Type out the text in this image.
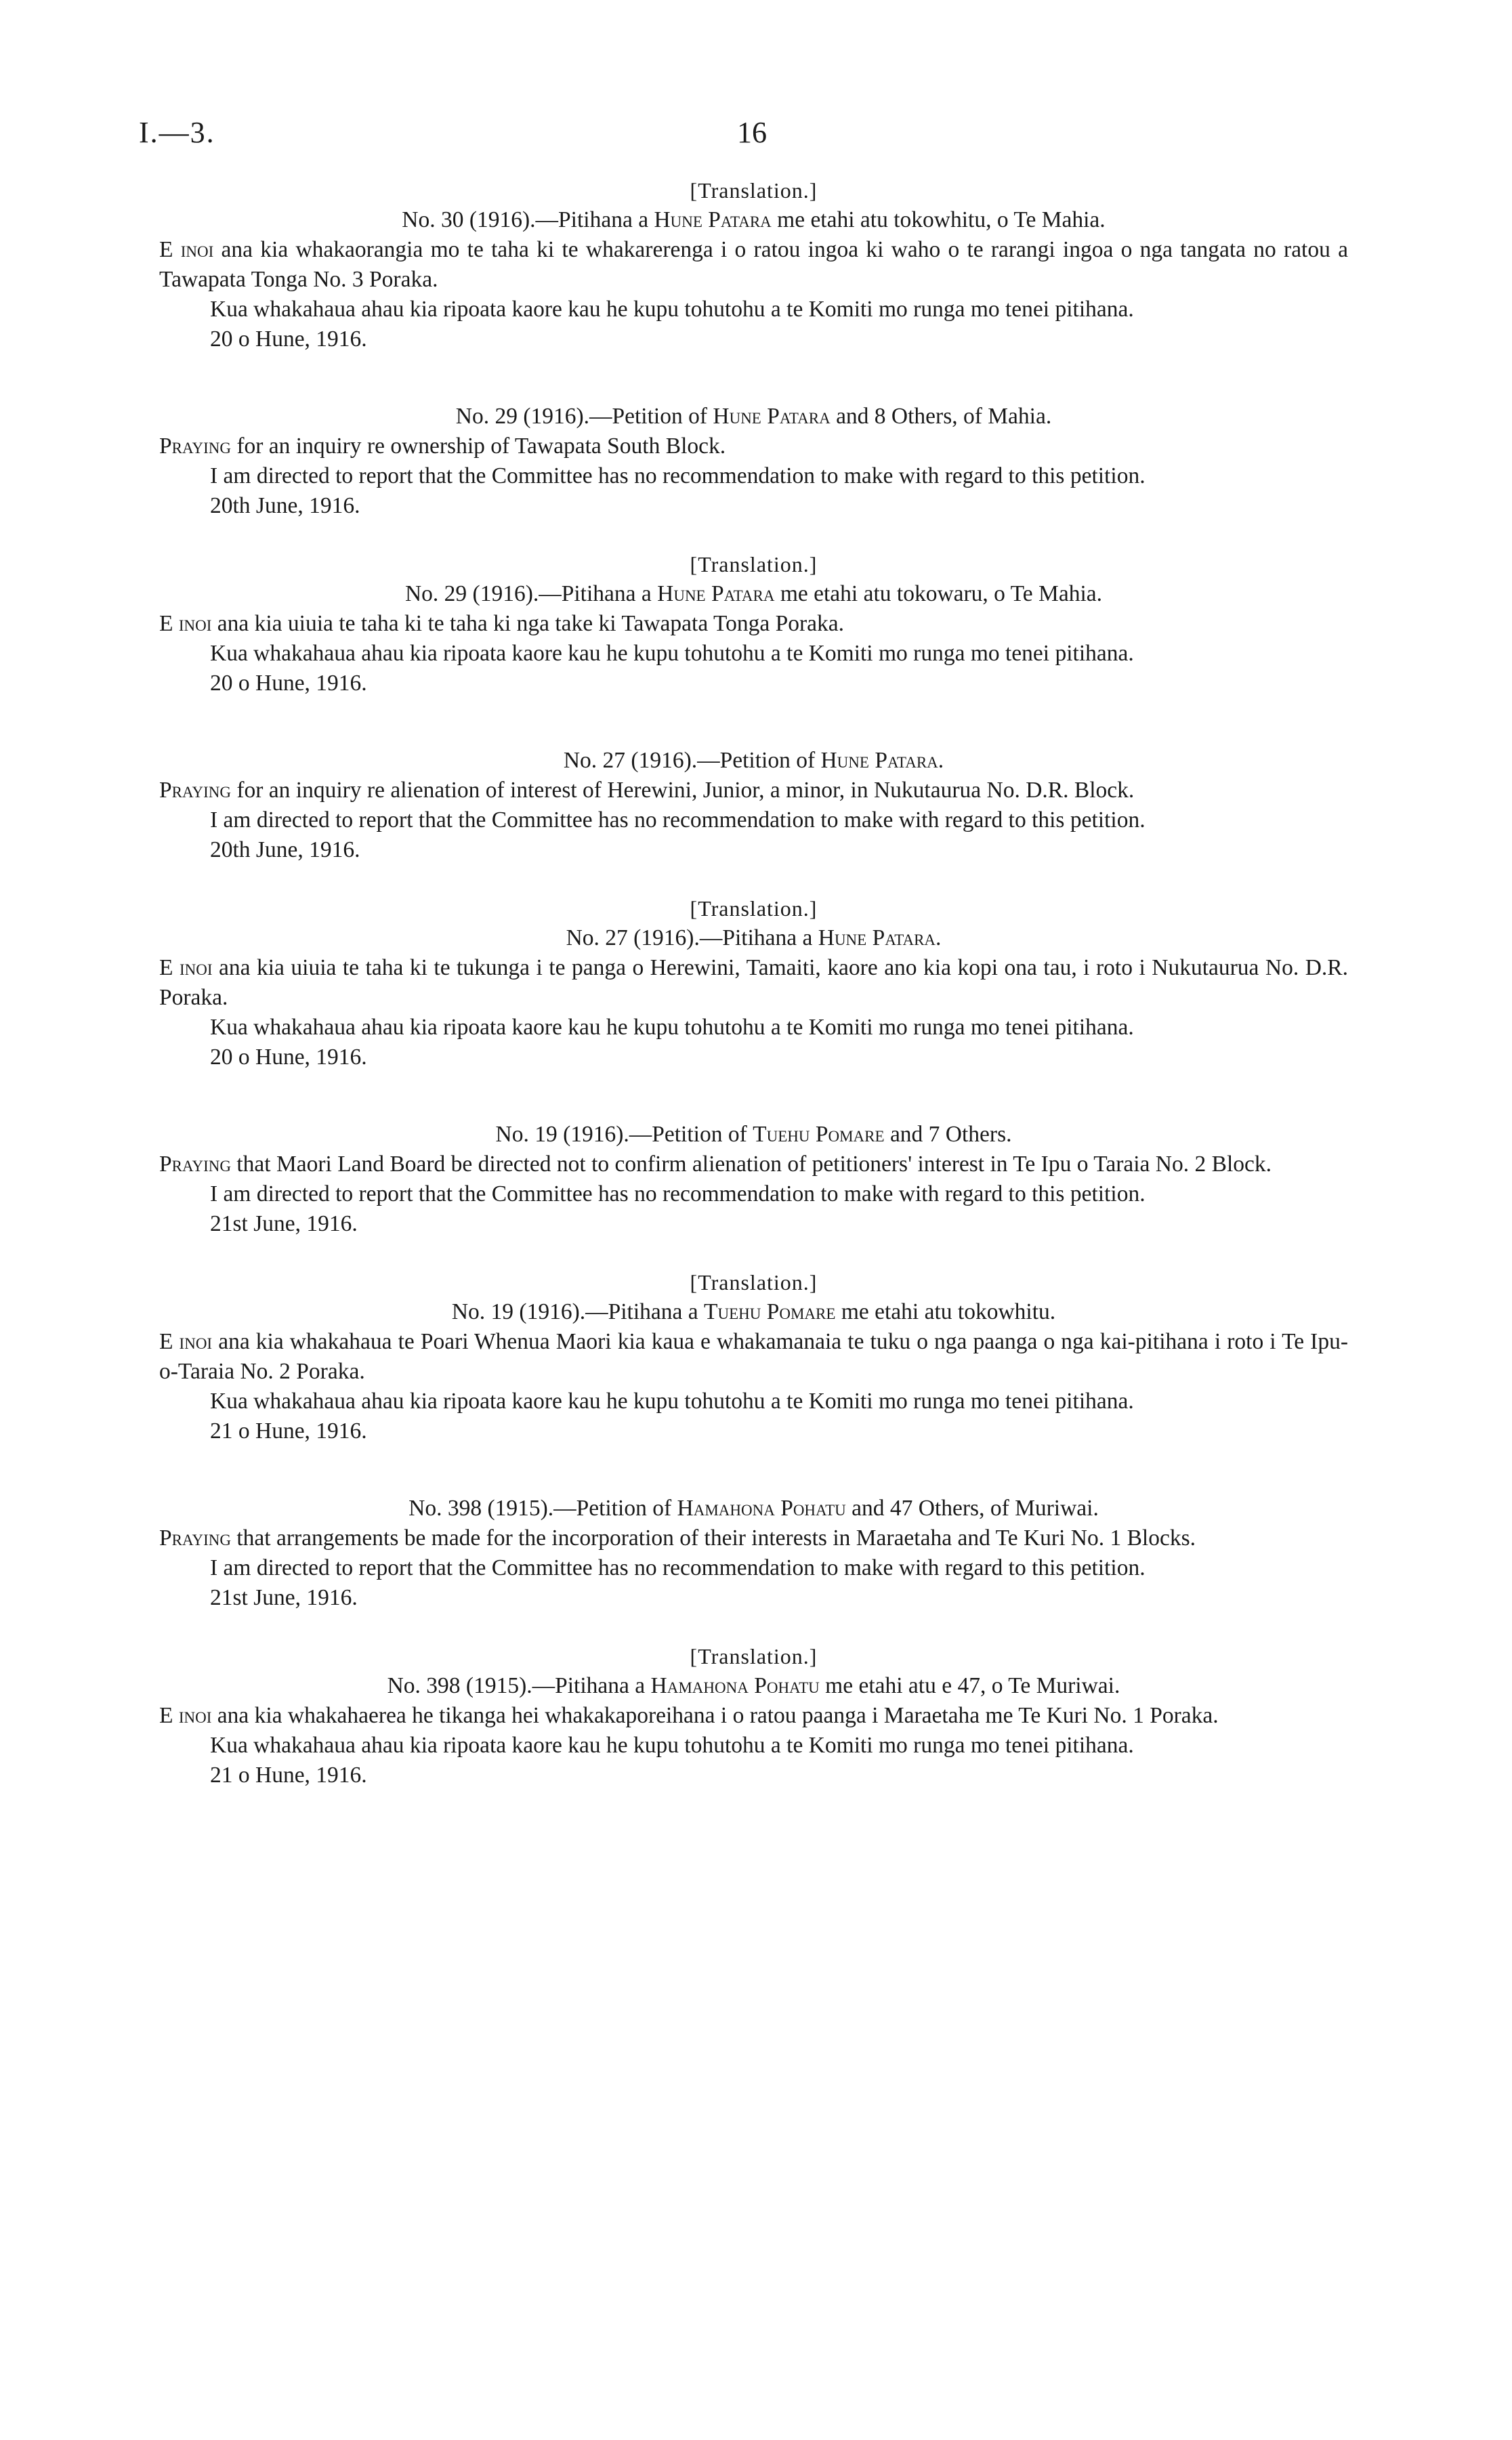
I.—3.	16

[Translation.]

No. 30 (1916).—Pitihana a Hune Patara me etahi atu tokowhitu, o Te Mahia.

E inoi ana kia whakaorangia mo te taha ki te whakarerenga i o ratou ingoa ki waho o te rarangi ingoa o nga tangata no ratou a Tawapata Tonga No. 3 Poraka.

Kua whakahaua ahau kia ripoata kaore kau he kupu tohutohu a te Komiti mo runga mo tenei pitihana.

20 o Hune, 1916.

No. 29 (1916).—Petition of Hune Patara and 8 Others, of Mahia.

Praying for an inquiry re ownership of Tawapata South Block.

I am directed to report that the Committee has no recommendation to make with regard to this petition.

20th June, 1916.

[Translation.]

No. 29 (1916).—Pitihana a Hune Patara me etahi atu tokowaru, o Te Mahia.

E inoi ana kia uiuia te taha ki te taha ki nga take ki Tawapata Tonga Poraka.

Kua whakahaua ahau kia ripoata kaore kau he kupu tohutohu a te Komiti mo runga mo tenei pitihana.

20 o Hune, 1916.

No. 27 (1916).—Petition of Hune Patara.

Praying for an inquiry re alienation of interest of Herewini, Junior, a minor, in Nukutaurua No. D.R. Block.

I am directed to report that the Committee has no recommendation to make with regard to this petition.

20th June, 1916.

[Translation.]

No. 27 (1916).—Pitihana a Hune Patara.

E inoi ana kia uiuia te taha ki te tukunga i te panga o Herewini, Tamaiti, kaore ano kia kopi ona tau, i roto i Nukutaurua No. D.R. Poraka.

Kua whakahaua ahau kia ripoata kaore kau he kupu tohutohu a te Komiti mo runga mo tenei pitihana.

20 o Hune, 1916.

No. 19 (1916).—Petition of Tuehu Pomare and 7 Others.

Praying that Maori Land Board be directed not to confirm alienation of petitioners' interest in Te Ipu o Taraia No. 2 Block.

I am directed to report that the Committee has no recommendation to make with regard to this petition.

21st June, 1916.

[Translation.]

No. 19 (1916).—Pitihana a Tuehu Pomare me etahi atu tokowhitu.

E inoi ana kia whakahaua te Poari Whenua Maori kia kaua e whakamanaia te tuku o nga paanga o nga kai-pitihana i roto i Te Ipu-o-Taraia No. 2 Poraka.

Kua whakahaua ahau kia ripoata kaore kau he kupu tohutohu a te Komiti mo runga mo tenei pitihana.

21 o Hune, 1916.

No. 398 (1915).—Petition of Hamahona Pohatu and 47 Others, of Muriwai.

Praying that arrangements be made for the incorporation of their interests in Maraetaha and Te Kuri No. 1 Blocks.

I am directed to report that the Committee has no recommendation to make with regard to this petition.

21st June, 1916.

[Translation.]

No. 398 (1915).—Pitihana a Hamahona Pohatu me etahi atu e 47, o Te Muriwai.

E inoi ana kia whakahaerea he tikanga hei whakakaporeihana i o ratou paanga i Maraetaha me Te Kuri No. 1 Poraka.

Kua whakahaua ahau kia ripoata kaore kau he kupu tohutohu a te Komiti mo runga mo tenei pitihana.

21 o Hune, 1916.
